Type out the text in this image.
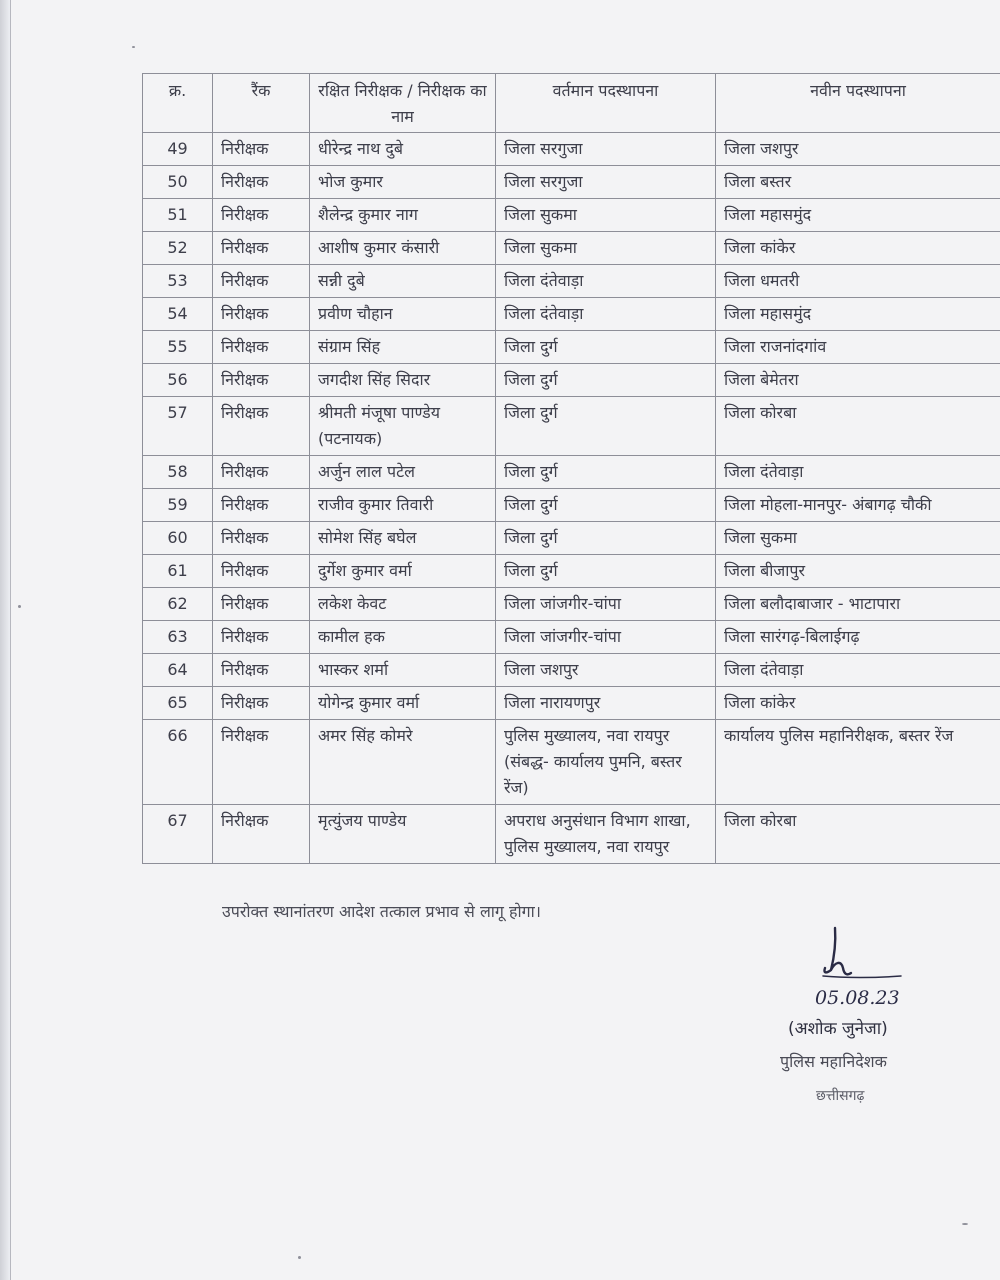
क्र.	रैंक	रक्षित निरीक्षक / निरीक्षक का नाम	वर्तमान पदस्थापना	नवीन पदस्थापना
49	निरीक्षक	धीरेन्द्र नाथ दुबे	जिला सरगुजा	जिला जशपुर
50	निरीक्षक	भोज कुमार	जिला सरगुजा	जिला बस्तर
51	निरीक्षक	शैलेन्द्र कुमार नाग	जिला सुकमा	जिला महासमुंद
52	निरीक्षक	आशीष कुमार कंसारी	जिला सुकमा	जिला कांकेर
53	निरीक्षक	सन्नी दुबे	जिला दंतेवाड़ा	जिला धमतरी
54	निरीक्षक	प्रवीण चौहान	जिला दंतेवाड़ा	जिला महासमुंद
55	निरीक्षक	संग्राम सिंह	जिला दुर्ग	जिला राजनांदगांव
56	निरीक्षक	जगदीश सिंह सिदार	जिला दुर्ग	जिला बेमेतरा
57	निरीक्षक	श्रीमती मंजूषा पाण्डेय (पटनायक)	जिला दुर्ग	जिला कोरबा
58	निरीक्षक	अर्जुन लाल पटेल	जिला दुर्ग	जिला दंतेवाड़ा
59	निरीक्षक	राजीव कुमार तिवारी	जिला दुर्ग	जिला मोहला-मानपुर- अंबागढ़ चौकी
60	निरीक्षक	सोमेश सिंह बघेल	जिला दुर्ग	जिला सुकमा
61	निरीक्षक	दुर्गेश कुमार वर्मा	जिला दुर्ग	जिला बीजापुर
62	निरीक्षक	लकेश केवट	जिला जांजगीर-चांपा	जिला बलौदाबाजार - भाटापारा
63	निरीक्षक	कामील हक	जिला जांजगीर-चांपा	जिला सारंगढ़-बिलाईगढ़
64	निरीक्षक	भास्कर शर्मा	जिला जशपुर	जिला दंतेवाड़ा
65	निरीक्षक	योगेन्द्र कुमार वर्मा	जिला नारायणपुर	जिला कांकेर
66	निरीक्षक	अमर सिंह कोमरे	पुलिस मुख्यालय, नवा रायपुर (संबद्ध- कार्यालय पुमनि, बस्तर रेंज)	कार्यालय पुलिस महानिरीक्षक, बस्तर रेंज
67	निरीक्षक	मृत्युंजय पाण्डेय	अपराध अनुसंधान विभाग शाखा, पुलिस मुख्यालय, नवा रायपुर	जिला कोरबा
उपरोक्त स्थानांतरण आदेश तत्काल प्रभाव से लागू होगा।
05.08.23
(अशोक जुनेजा)
पुलिस महानिदेशक
छत्तीसगढ़
